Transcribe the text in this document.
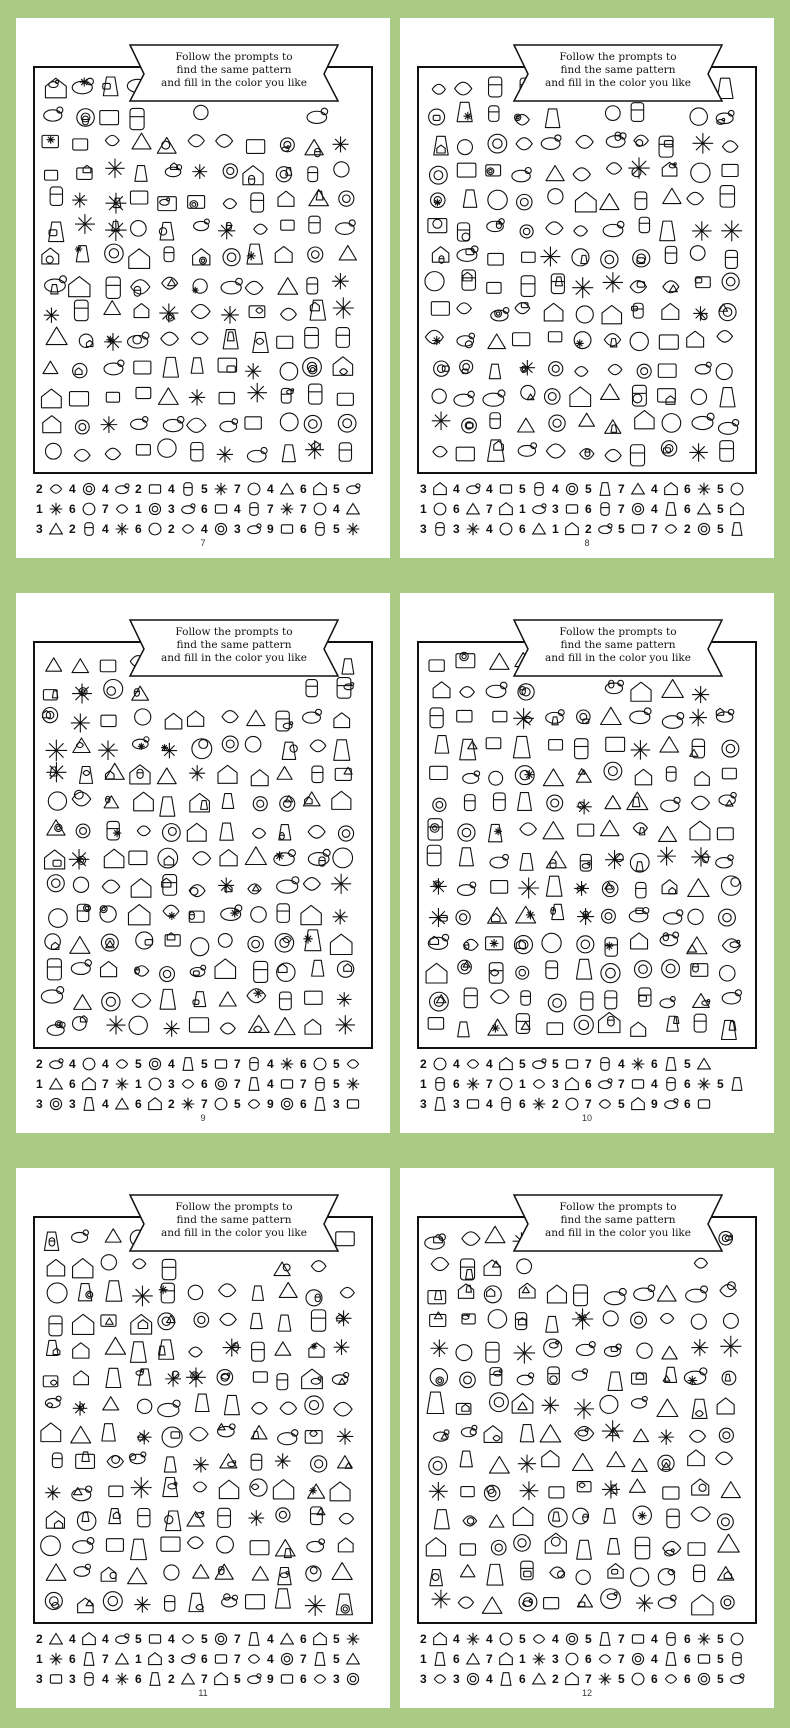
Follow the prompts to
find the same pattern
and fill in the color you like
2 4 4 2 4 5 7 4 6 5
1 6 7 1 3 6 4 7 7 4
3 2 4 6 2 4 3 9 6 5
7
Follow the prompts to
find the same pattern
and fill in the color you like
3 4 4 5 4 5 7 4 6 5
1 6 7 1 3 6 7 4 6 5
3 3 4 6 1 2 5 7 2 5
8
Follow the prompts to
find the same pattern
and fill in the color you like
2 4 4 5 4 5 7 4 6 5
1 6 7 1 3 6 7 4 7 5
3 3 4 6 2 7 5 9 6 3
9
Follow the prompts to
find the same pattern
and fill in the color you like
2 4 4 5 5 7 4 6 5
1 6 7 1 3 6 7 4 6 5
3 3 4 6 2 7 5 9 6
10
Follow the prompts to
find the same pattern
and fill in the color you like
2 4 4 5 4 5 7 4 6 5
1 6 7 1 3 6 7 4 7 5
3 3 4 6 2 7 5 9 6 3
11
Follow the prompts to
find the same pattern
and fill in the color you like
2 4 4 5 4 5 7 4 6 5
1 6 7 1 3 6 7 4 6 5
3 3 4 6 2 7 5 6 6 5
12
